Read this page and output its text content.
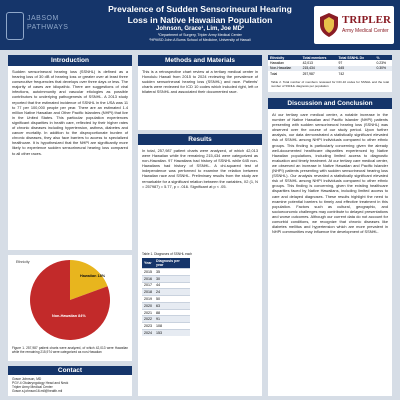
JABSOM PATHWAYS
Prevalence of Sudden Sensorineural Hearing Loss in Native Hawaiian Population
Johnson, Grace¹, Lim, Joe MD²
¹Department of Surgery, Tripler Army Medical Center
²HPMSD John A Burns School of Medicine, University of Hawaii
TRIPLER
Army Medical Center
Introduction
Sudden sensorineural hearing loss (SSNHL) is defined as a hearing loss of 30 dB of hearing loss or greater over at least three consecutive frequencies that develops over three days or less. The majority of cases are idiopathic. There are suggestions of viral infections, autoimmunity and vascular etiologies as possible contributors to underlying pathogenesis of SSNHL. A 2013 study reported that the estimated incidence of SSNHL in the USA was 11 to 77 per 100,000 people per year. There are an estimated 1.4 million Native Hawaiian and Other Pacific Islanders (NHPI) that live in the United States. This particular population experiences significant disparities in health care, reflected by their higher rates of chronic diseases including hypertension, asthma, diabetes and cancer mortality. In addition to the disproportionate burden of chronic diseases, they also face barriers to access to specialized healthcare. It is hypothesized that the NHPI are significantly more likely to experience sudden sensorineural hearing loss compared to all other races.
Ethnicity
Hawaiian 18%
Non-Hawaiian 84%
Figure 1. 257,987 patient charts were analyzed, of which 42,013 were Hawaiian while the remaining 215,974 were categorized as non-Hawaiian
Contact
Grace Johnson, MD
PGY-4 Otolaryngology Head and Neck
Tripler Army Medical Center
Grace.s.johnson16.mil@health.mil
Methods and Materials
This is a retrospective chart review at a tertiary medical center in Honolulu Hawaii from 2015 to 2024 reviewing the prevalence of sudden sensorineural hearing loss (SSNHL) and race. Patients' charts were reviewed for ICD 10 codes which included right, left or bilateral SSNHL and associated their documented race.
Results
In total, 257,987 patient charts were analyzed, of which 42,013 were Hawaiian while the remaining 215,434 were categorized as non-Hawaiian. 97 Hawaiians had history of SSNHL while 645 non-Hawaiians had history of SSNHL. A chi-squared test of independence was performed to examine the relation between Hawaiian race and SSNHL. Preliminary results from the study are remarkable for a significant relation between the variables, X2 (1, N = 257987) = 5.77, p = .016. Significant at p < .05.
Table 1. Diagnoses of SSNHL each
Year	Diagnosis per year
2015	35
2016	30
2017	44
2018	24
2019	50
2020	63
2021	88
2022	91
2023	108
2024	153
Ethnicity	Total members	Total SSNHL Dx	%
Hawaiian	42,013	97	0.23%
Non-Hawaiian	215,434	645	0.30%
Total	257,987	742	
Table 2. Total number of members reviewed for ICD-10 codes for SSNHL and the total number of SSNHL diagnosis per population
Discussion and Conclusion
At our tertiary care medical center, a notable increase in the number of Native Hawaiian and Pacific Islander (NHPI) patients presenting with sudden sensorineural hearing loss (SSNHL) was observed over the course of our study period. Upon further analysis, our data demonstrated a statistically significant elevated risk of SSNHL among NHPI individuals compared to other ethnic groups. This finding is particularly concerning given the already well-documented healthcare disparities experienced by Native Hawaiian populations, including limited access to diagnostic evaluation and timely treatment. At our tertiary care medical center, we observed an increase in Native Hawaiian and Pacific Islander (NHPI) patients presenting with sudden sensorineural hearing loss (SSNHL). Our analysis revealed a statistically significant elevated risk of SSNHL among NHPI individuals compared to other ethnic groups. This finding is concerning, given the existing healthcare disparities faced by Native Hawaiians, including limited access to care and delayed diagnoses. These results highlight the need to examine potential barriers to timely and effective treatment in this population. Factors such as cultural, geographic, and socioeconomic challenges may contribute to delayed presentations and worse outcomes. Although our current data do not account for comorbid conditions, we recognize that chronic diseases like diabetes mellitus and hypertension which are more prevalent in NHPI communities may influence the development of SSNHL.
